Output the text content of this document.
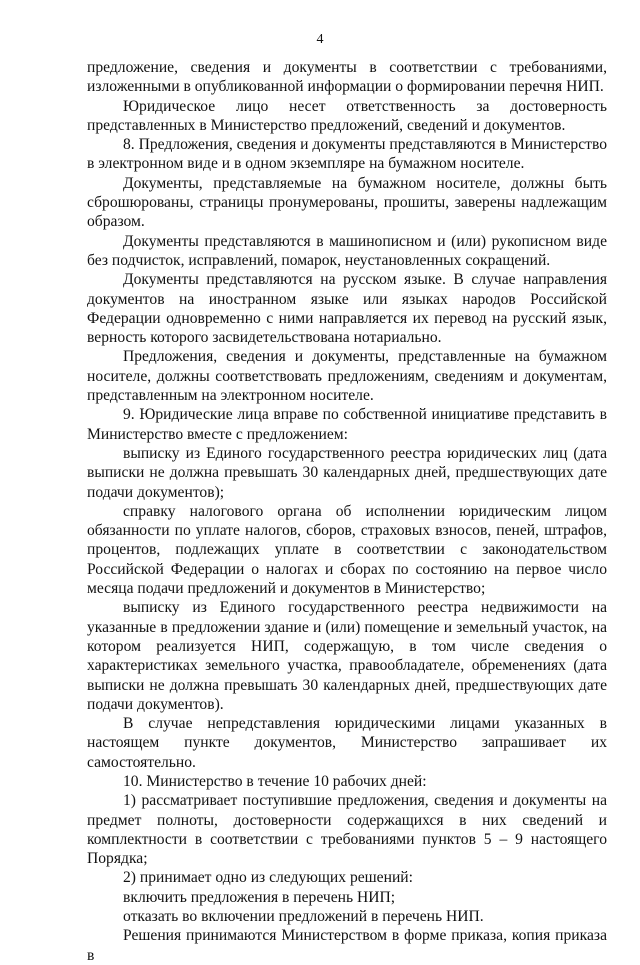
4

предложение, сведения и документы в соответствии с требованиями, изложенными в опубликованной информации о формировании перечня НИП.

Юридическое лицо несет ответственность за достоверность представленных в Министерство предложений, сведений и документов.

8. Предложения, сведения и документы представляются в Министерство в электронном виде и в одном экземпляре на бумажном носителе.

Документы, представляемые на бумажном носителе, должны быть сброшюрованы, страницы пронумерованы, прошиты, заверены надлежащим образом.

Документы представляются в машинописном и (или) рукописном виде без подчисток, исправлений, помарок, неустановленных сокращений.

Документы представляются на русском языке. В случае направления документов на иностранном языке или языках народов Российской Федерации одновременно с ними направляется их перевод на русский язык, верность которого засвидетельствована нотариально.

Предложения, сведения и документы, представленные на бумажном носителе, должны соответствовать предложениям, сведениям и документам, представленным на электронном носителе.

9. Юридические лица вправе по собственной инициативе представить в Министерство вместе с предложением:

выписку из Единого государственного реестра юридических лиц (дата выписки не должна превышать 30 календарных дней, предшествующих дате подачи документов);

справку налогового органа об исполнении юридическим лицом обязанности по уплате налогов, сборов, страховых взносов, пеней, штрафов, процентов, подлежащих уплате в соответствии с законодательством Российской Федерации о налогах и сборах по состоянию на первое число месяца подачи предложений и документов в Министерство;

выписку из Единого государственного реестра недвижимости на указанные в предложении здание и (или) помещение и земельный участок, на котором реализуется НИП, содержащую, в том числе сведения о характеристиках земельного участка, правообладателе, обременениях (дата выписки не должна превышать 30 календарных дней, предшествующих дате подачи документов).

В случае непредставления юридическими лицами указанных в настоящем пункте документов, Министерство запрашивает их самостоятельно.

10. Министерство в течение 10 рабочих дней:

1) рассматривает поступившие предложения, сведения и документы на предмет полноты, достоверности содержащихся в них сведений и комплектности в соответствии с требованиями пунктов 5 – 9 настоящего Порядка;

2) принимает одно из следующих решений:

включить предложения в перечень НИП;

отказать во включении предложений в перечень НИП.

Решения принимаются Министерством в форме приказа, копия приказа в
